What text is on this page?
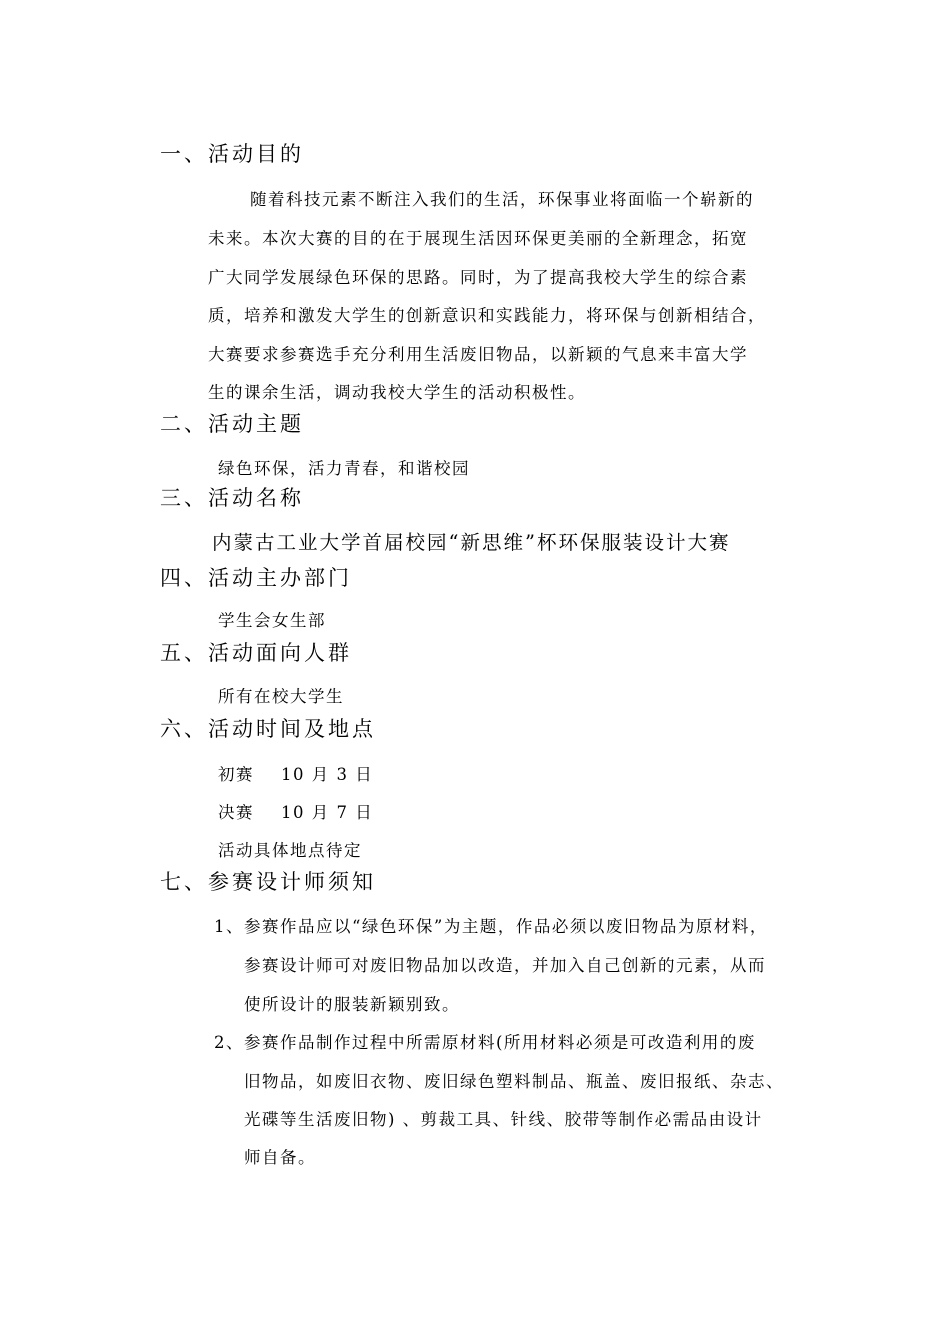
一、活动目的
随着科技元素不断注入我们的生活，环保事业将面临一个崭新的
未来。本次大赛的目的在于展现生活因环保更美丽的全新理念，拓宽
广大同学发展绿色环保的思路。同时，为了提高我校大学生的综合素
质，培养和激发大学生的创新意识和实践能力，将环保与创新相结合，
大赛要求参赛选手充分利用生活废旧物品，以新颖的气息来丰富大学
生的课余生活，调动我校大学生的活动积极性。
二、活动主题
绿色环保，活力青春，和谐校园
三、活动名称
内蒙古工业大学首届校园“新思维”杯环保服装设计大赛
四、活动主办部门
学生会女生部
五、活动面向人群
所有在校大学生
六、活动时间及地点
初赛    10 月 3 日
决赛    10 月 7 日
活动具体地点待定
七、参赛设计师须知
1、参赛作品应以“绿色环保”为主题，作品必须以废旧物品为原材料，
参赛设计师可对废旧物品加以改造，并加入自己创新的元素，从而
使所设计的服装新颖别致。
2、参赛作品制作过程中所需原材料(所用材料必须是可改造利用的废
旧物品，如废旧衣物、废旧绿色塑料制品、瓶盖、废旧报纸、杂志、
光碟等生活废旧物) 、剪裁工具、针线、胶带等制作必需品由设计
师自备。
